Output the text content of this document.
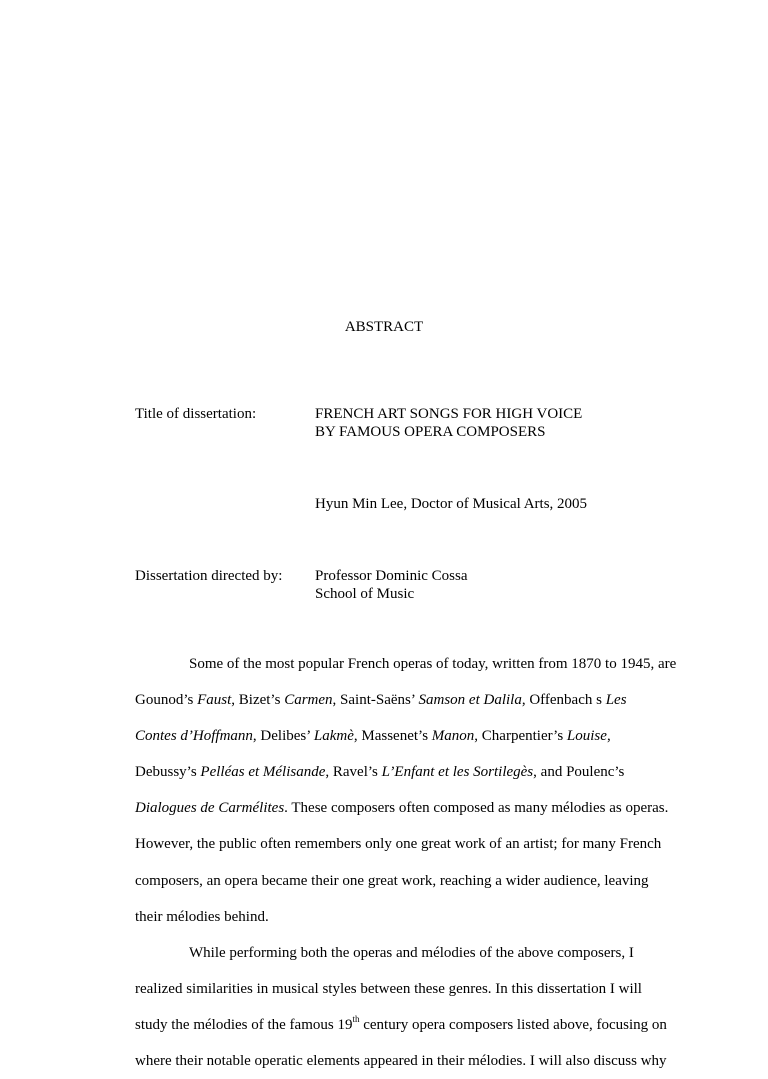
ABSTRACT
Title of dissertation:	FRENCH ART SONGS FOR HIGH VOICE
BY FAMOUS OPERA COMPOSERS
Hyun Min Lee, Doctor of Musical Arts, 2005
Dissertation directed by: Professor Dominic Cossa
School of Music

Some of the most popular French operas of today, written from 1870 to 1945, are
Gounod’s Faust, Bizet’s Carmen, Saint-Saëns’ Samson et Dalila, Offenbach s Les
Contes d’Hoffmann, Delibes’ Lakmè, Massenet’s Manon, Charpentier’s Louise,
Debussy’s Pelléas et Mélisande, Ravel’s L’Enfant et les Sortilegès, and Poulenc’s
Dialogues de Carmélites. These composers often composed as many mélodies as operas.
However, the public often remembers only one great work of an artist; for many French
composers, an opera became their one great work, reaching a wider audience, leaving
their mélodies behind.

While performing both the operas and mélodies of the above composers, I
realized similarities in musical styles between these genres. In this dissertation I will
study the mélodies of the famous 19th century opera composers listed above, focusing on
where their notable operatic elements appeared in their mélodies. I will also discuss why
